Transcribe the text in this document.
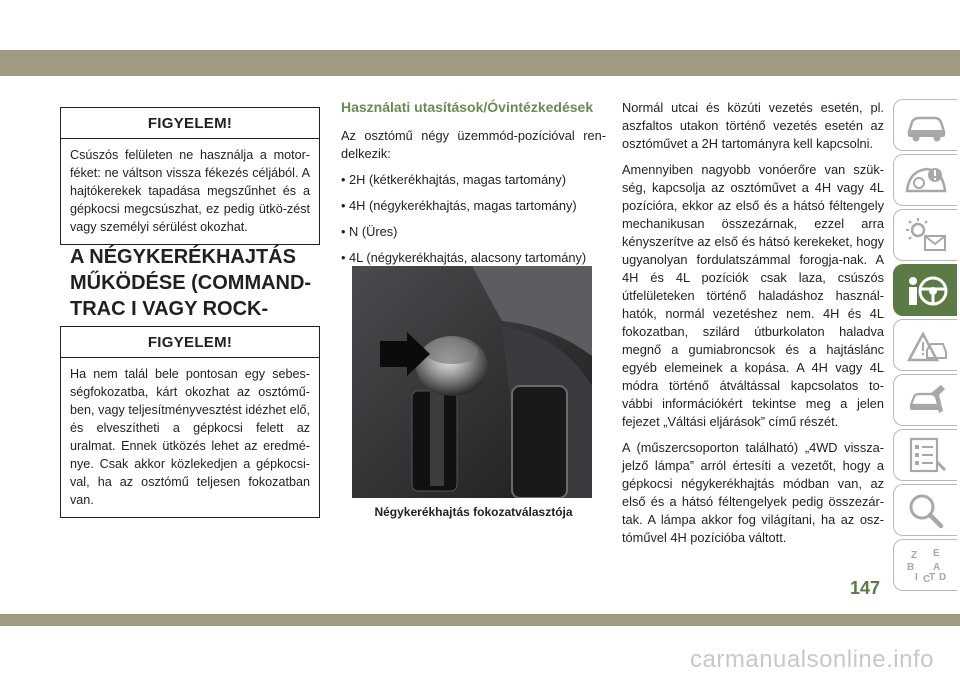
FIGYELEM!
Csúszós felületen ne használja a motor-féket: ne váltson vissza fékezés céljából. A hajtókerekek tapadása megszűnhet és a gépkocsi megcsúszhat, ez pedig ütkö-zést vagy személyi sérülést okozhat.
A NÉGYKERÉKHAJTÁS MŰKÖDÉSE (COMMAND-TRAC I VAGY ROCK-
FIGYELEM!
Ha nem talál bele pontosan egy sebes-ségfokozatba, kárt okozhat az osztómű-ben, vagy teljesítményvesztést idézhet elő, és elveszítheti a gépkocsi felett az uralmat. Ennek ütközés lehet az eredmé-nye. Csak akkor közlekedjen a gépkocsi-val, ha az osztómű teljesen fokozatban van.
Használati utasítások/Óvintézkedések

Az osztómű négy üzemmód-pozícióval ren-delkezik:

• 2H (kétkerékhajtás, magas tartomány)

• 4H (négykerékhajtás, magas tartomány)

• N (Üres)

• 4L (négykerékhajtás, alacsony tartomány)

Négykerékhajtás fokozatválasztója

Normál utcai és közúti vezetés esetén, pl. aszfaltos utakon történő vezetés esetén az osztóművet a 2H tartományra kell kapcsolni.

Amennyiben nagyobb vonóerőre van szük-ség, kapcsolja az osztóművet a 4H vagy 4L pozícióra, ekkor az első és a hátsó féltengely mechanikusan összezárnak, ezzel arra kényszerítve az első és hátsó kerekeket, hogy ugyanolyan fordulatszámmal forogja-nak. A 4H és 4L pozíciók csak laza, csúszós útfelületeken történő haladáshoz használ-hatók, normál vezetéshez nem. 4H és 4L fokozatban, szilárd útburkolaton haladva megnő a gumiabroncsok és a hajtáslánc egyéb elemeinek a kopása. A 4H vagy 4L módra történő átváltással kapcsolatos to-vábbi információkért tekintse meg a jelen fejezet „Váltási eljárások” című részét.

A (műszercsoporton található) „4WD vissza-jelző lámpa” arról értesíti a vezetőt, hogy a gépkocsi négykerékhajtás módban van, az első és a hátsó féltengelyek pedig összezár-tak. A lámpa akkor fog világítani, ha az osz-tóművel 4H pozícióba váltott.

Z E
B A
I C
T D
147
carmanualsonline.info
